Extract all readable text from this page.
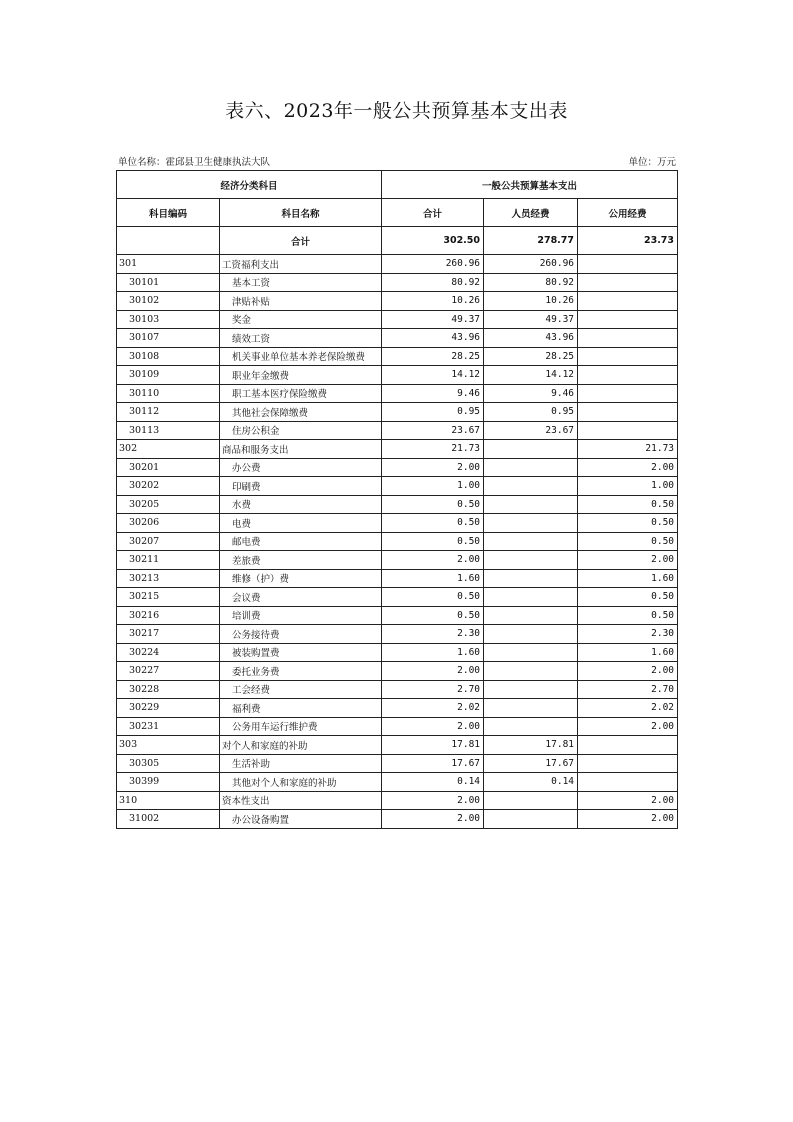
表六、2023年一般公共预算基本支出表
单位名称：霍邱县卫生健康执法大队	单位：万元
经济分类科目		一般公共预算基本支出		
科目编码	科目名称	合计	人员经费	公用经费
	合计	302.50	278.77	23.73
301	工资福利支出	260.96	260.96	
30101	基本工资	80.92	80.92	
30102	津贴补贴	10.26	10.26	
30103	奖金	49.37	49.37	
30107	绩效工资	43.96	43.96	
30108	机关事业单位基本养老保险缴费	28.25	28.25	
30109	职业年金缴费	14.12	14.12	
30110	职工基本医疗保险缴费	9.46	9.46	
30112	其他社会保障缴费	0.95	0.95	
30113	住房公积金	23.67	23.67	
302	商品和服务支出	21.73		21.73
30201	办公费	2.00		2.00
30202	印刷费	1.00		1.00
30205	水费	0.50		0.50
30206	电费	0.50		0.50
30207	邮电费	0.50		0.50
30211	差旅费	2.00		2.00
30213	维修（护）费	1.60		1.60
30215	会议费	0.50		0.50
30216	培训费	0.50		0.50
30217	公务接待费	2.30		2.30
30224	被装购置费	1.60		1.60
30227	委托业务费	2.00		2.00
30228	工会经费	2.70		2.70
30229	福利费	2.02		2.02
30231	公务用车运行维护费	2.00		2.00
303	对个人和家庭的补助	17.81	17.81	
30305	生活补助	17.67	17.67	
30399	其他对个人和家庭的补助	0.14	0.14	
310	资本性支出	2.00		2.00
31002	办公设备购置	2.00		2.00
